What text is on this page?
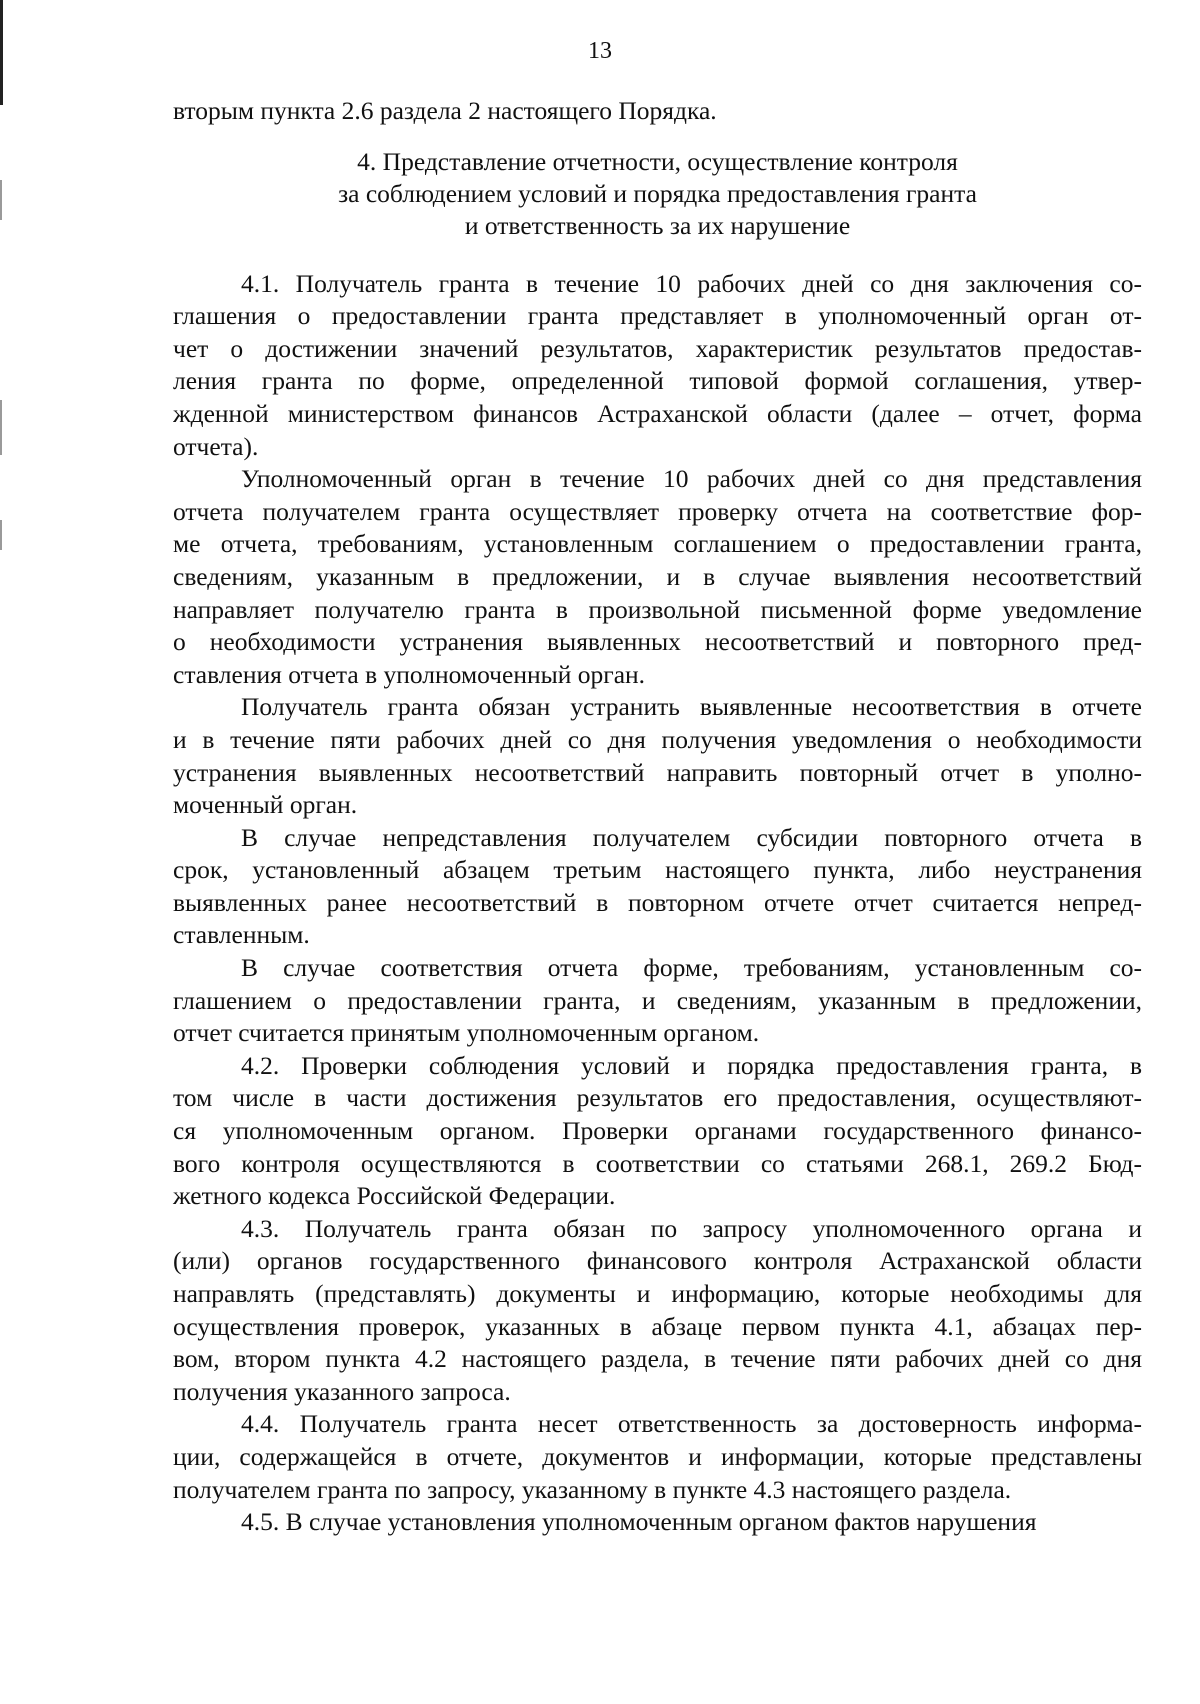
13
вторым пункта 2.6 раздела 2 настоящего Порядка.
4. Представление отчетности, осуществление контроля
за соблюдением условий и порядка предоставления гранта
и ответственность за их нарушение
4.1. Получатель гранта в течение 10 рабочих дней со дня заключения со-
глашения о предоставлении гранта представляет в уполномоченный орган от-
чет о достижении значений результатов, характеристик результатов предостав-
ления гранта по форме, определенной типовой формой соглашения, утвер-
жденной министерством финансов Астраханской области (далее – отчет, форма
отчета).
Уполномоченный орган в течение 10 рабочих дней со дня представления
отчета получателем гранта осуществляет проверку отчета на соответствие фор-
ме отчета, требованиям, установленным соглашением о предоставлении гранта,
сведениям, указанным в предложении, и в случае выявления несоответствий
направляет получателю гранта в произвольной письменной форме уведомление
о необходимости устранения выявленных несоответствий и повторного пред-
ставления отчета в уполномоченный орган.
Получатель гранта обязан устранить выявленные несоответствия в отчете
и в течение пяти рабочих дней со дня получения уведомления о необходимости
устранения выявленных несоответствий направить повторный отчет в уполно-
моченный орган.
В случае непредставления получателем субсидии повторного отчета в
срок, установленный абзацем третьим настоящего пункта, либо неустранения
выявленных ранее несоответствий в повторном отчете отчет считается непред-
ставленным.
В случае соответствия отчета форме, требованиям, установленным со-
глашением о предоставлении гранта, и сведениям, указанным в предложении,
отчет считается принятым уполномоченным органом.
4.2. Проверки соблюдения условий и порядка предоставления гранта, в
том числе в части достижения результатов его предоставления, осуществляют-
ся уполномоченным органом. Проверки органами государственного финансо-
вого контроля осуществляются в соответствии со статьями 268.1, 269.2 Бюд-
жетного кодекса Российской Федерации.
4.3. Получатель гранта обязан по запросу уполномоченного органа и
(или) органов государственного финансового контроля Астраханской области
направлять (представлять) документы и информацию, которые необходимы для
осуществления проверок, указанных в абзаце первом пункта 4.1, абзацах пер-
вом, втором пункта 4.2 настоящего раздела, в течение пяти рабочих дней со дня
получения указанного запроса.
4.4. Получатель гранта несет ответственность за достоверность информа-
ции, содержащейся в отчете, документов и информации, которые представлены
получателем гранта по запросу, указанному в пункте 4.3 настоящего раздела.
4.5. В случае установления уполномоченным органом фактов нарушения
